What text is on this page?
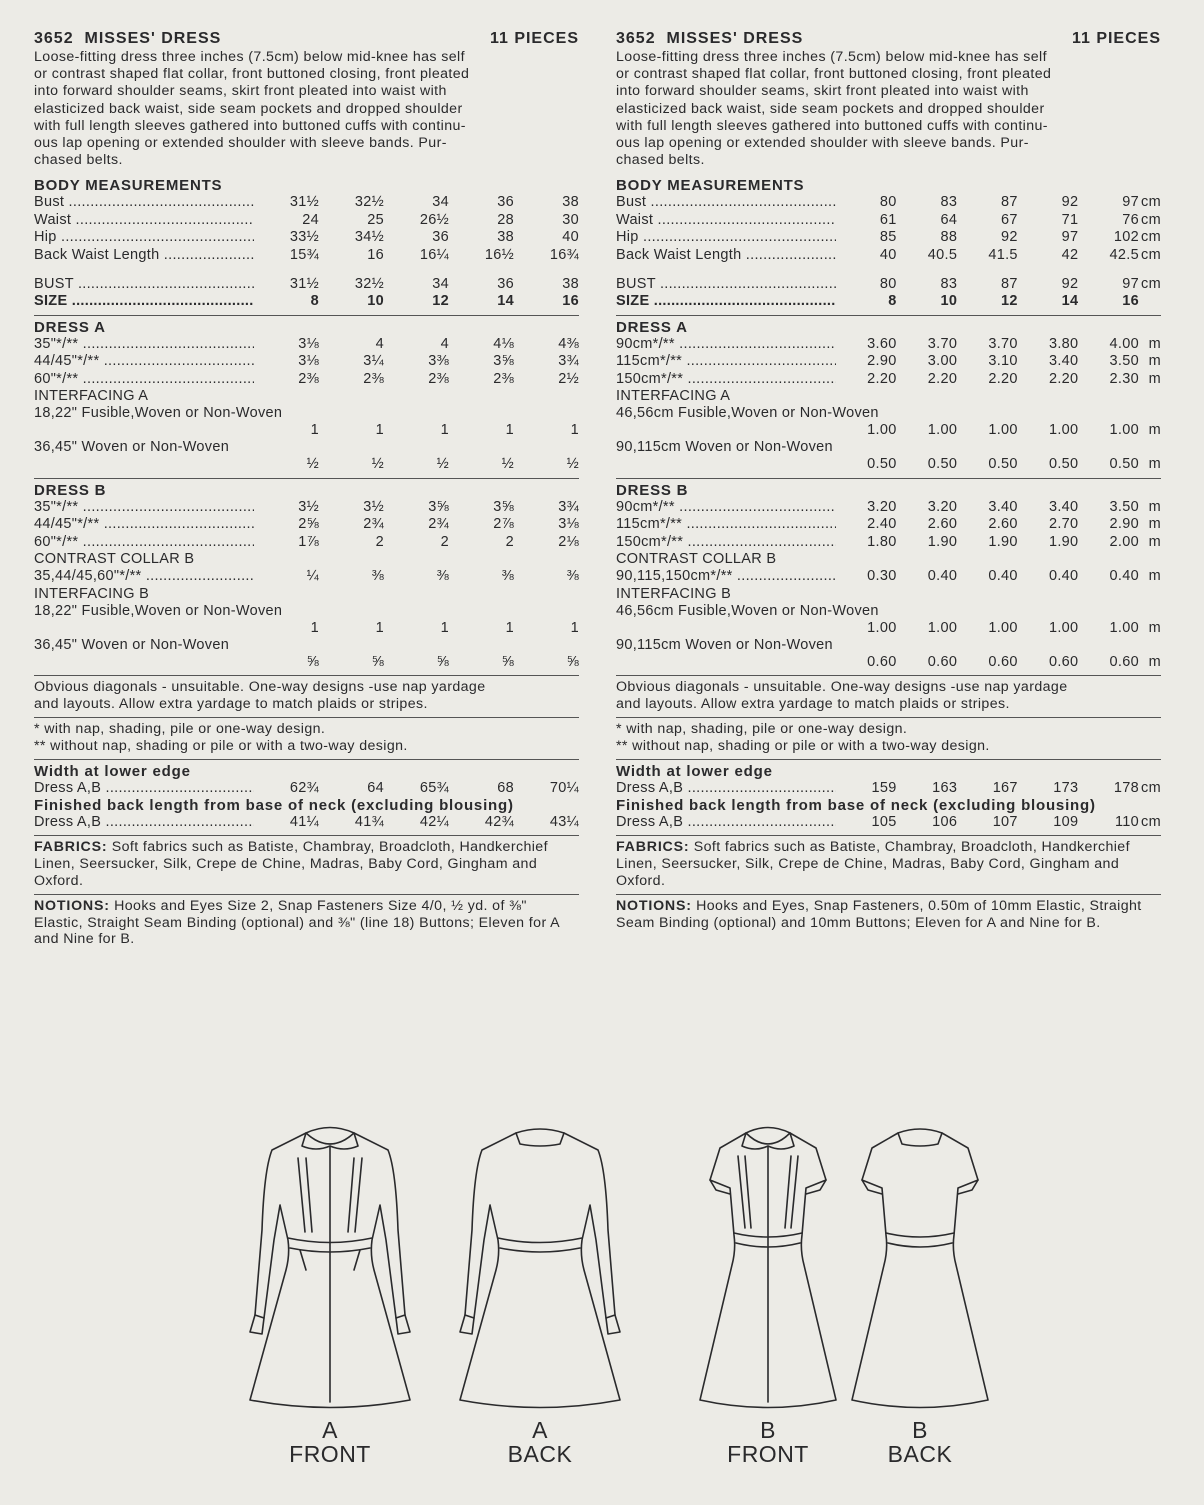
3652 MISSES' DRESS	11 PIECES
Loose-fitting dress three inches (7.5cm) below mid-knee has self
or contrast shaped flat collar, front buttoned closing, front pleated
into forward shoulder seams, skirt front pleated into waist with
elasticized back waist, side seam pockets and dropped shoulder
with full length sleeves gathered into buttoned cuffs with continu-
ous lap opening or extended shoulder with sleeve bands. Pur-
chased belts.
BODY MEASUREMENTS
Bust .....	31½	32½	34	36	38
Waist .....	24	25	26½	28	30
Hip .....	33½	34½	36	38	40
Back Waist Length .....	15¾	16	16¼	16½	16¾
BUST .....	31½	32½	34	36	38
SIZE .....	8	10	12	14	16
DRESS A
35"*/** .....	3⅛	4	4	4⅛	4⅜
44/45"*/** .....	3⅛	3¼	3⅜	3⅝	3¾
60"*/** .....	2⅜	2⅜	2⅜	2⅜	2½
INTERFACING A
18,22" Fusible,Woven or Non-Woven
1	1	1	1	1
36,45" Woven or Non-Woven
½	½	½	½	½
DRESS B
35"*/** .....	3½	3½	3⅝	3⅝	3¾
44/45"*/** .....	2⅝	2¾	2¾	2⅞	3⅛
60"*/** .....	1⅞	2	2	2	2⅛
CONTRAST COLLAR B
35,44/45,60"*/** .....	¼	⅜	⅜	⅜	⅜
INTERFACING B
18,22" Fusible,Woven or Non-Woven
1	1	1	1	1
36,45" Woven or Non-Woven
⅝	⅝	⅝	⅝	⅝
Obvious diagonals - unsuitable. One-way designs -use nap yardage
and layouts. Allow extra yardage to match plaids or stripes.
* with nap, shading, pile or one-way design.
** without nap, shading or pile or with a two-way design.
Width at lower edge
Dress A,B .....	62¾	64	65¾	68	70¼
Finished back length from base of neck (excluding blousing)
Dress A,B .....	41¼	41¾	42¼	42¾	43¼
FABRICS: Soft fabrics such as Batiste, Chambray, Broadcloth, Handkerchief Linen, Seersucker, Silk, Crepe de Chine, Madras, Baby Cord, Gingham and Oxford.
NOTIONS: Hooks and Eyes Size 2, Snap Fasteners Size 4/0, ½ yd. of ⅜" Elastic, Straight Seam Binding (optional) and ⅜" (line 18) Buttons; Eleven for A and Nine for B.
3652 MISSES' DRESS	11 PIECES
Loose-fitting dress three inches (7.5cm) below mid-knee has self
or contrast shaped flat collar, front buttoned closing, front pleated
into forward shoulder seams, skirt front pleated into waist with
elasticized back waist, side seam pockets and dropped shoulder
with full length sleeves gathered into buttoned cuffs with continu-
ous lap opening or extended shoulder with sleeve bands. Pur-
chased belts.
BODY MEASUREMENTS
Bust .....	80	83	87	92	97 cm
Waist .....	61	64	67	71	76 cm
Hip .....	85	88	92	97	102 cm
Back Waist Length .....	40	40.5	41.5	42	42.5 cm
BUST .....	80	83	87	92	97 cm
SIZE .....	8	10	12	14	16
DRESS A
90cm*/** .....	3.60	3.70	3.70	3.80	4.00 m
115cm*/** .....	2.90	3.00	3.10	3.40	3.50 m
150cm*/** .....	2.20	2.20	2.20	2.20	2.30 m
INTERFACING A
46,56cm Fusible,Woven or Non-Woven
1.00	1.00	1.00	1.00	1.00 m
90,115cm Woven or Non-Woven
0.50	0.50	0.50	0.50	0.50 m
DRESS B
90cm*/** .....	3.20	3.20	3.40	3.40	3.50 m
115cm*/** .....	2.40	2.60	2.60	2.70	2.90 m
150cm*/** .....	1.80	1.90	1.90	1.90	2.00 m
CONTRAST COLLAR B
90,115,150cm*/** .....	0.30	0.40	0.40	0.40	0.40 m
INTERFACING B
46,56cm Fusible,Woven or Non-Woven
1.00	1.00	1.00	1.00	1.00 m
90,115cm Woven or Non-Woven
0.60	0.60	0.60	0.60	0.60 m
Obvious diagonals - unsuitable. One-way designs -use nap yardage
and layouts. Allow extra yardage to match plaids or stripes.
* with nap, shading, pile or one-way design.
** without nap, shading or pile or with a two-way design.
Width at lower edge
Dress A,B .....	159	163	167	173	178 cm
Finished back length from base of neck (excluding blousing)
Dress A,B .....	105	106	107	109	110 cm
FABRICS: Soft fabrics such as Batiste, Chambray, Broadcloth, Handkerchief Linen, Seersucker, Silk, Crepe de Chine, Madras, Baby Cord, Gingham and Oxford.
NOTIONS: Hooks and Eyes, Snap Fasteners, 0.50m of 10mm Elastic, Straight Seam Binding (optional) and 10mm Buttons; Eleven for A and Nine for B.
A
FRONT
A
BACK
B
FRONT
B
BACK
